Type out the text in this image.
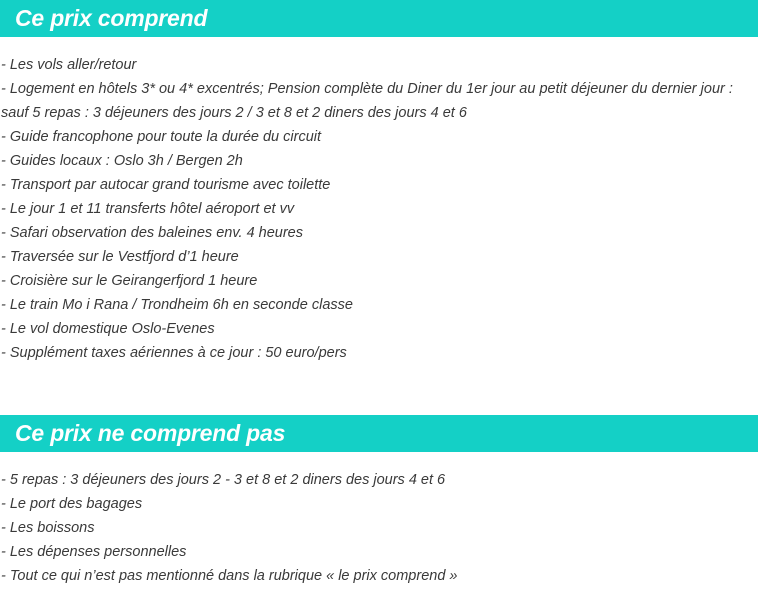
Ce prix comprend
- Les vols aller/retour
- Logement en hôtels 3* ou 4* excentrés; Pension complète du Diner du 1er jour au petit déjeuner du dernier jour : sauf 5 repas : 3 déjeuners des jours 2 / 3 et 8 et 2 diners des jours 4 et 6
- Guide francophone pour toute la durée du circuit
- Guides locaux : Oslo 3h / Bergen 2h
- Transport par autocar grand tourisme avec toilette
- Le jour 1 et 11 transferts hôtel aéroport et vv
- Safari observation des baleines env. 4 heures
- Traversée sur le Vestfjord d’1 heure
- Croisière sur le Geirangerfjord 1 heure
- Le train Mo i Rana / Trondheim 6h en seconde classe
- Le vol domestique Oslo-Evenes
- Supplément taxes aériennes à ce jour : 50 euro/pers
Ce prix ne comprend pas
- 5 repas : 3 déjeuners des jours 2 - 3 et 8 et 2 diners des jours 4 et 6
- Le port des bagages
- Les boissons
- Les dépenses personnelles
- Tout ce qui n’est pas mentionné dans la rubrique « le prix comprend »
